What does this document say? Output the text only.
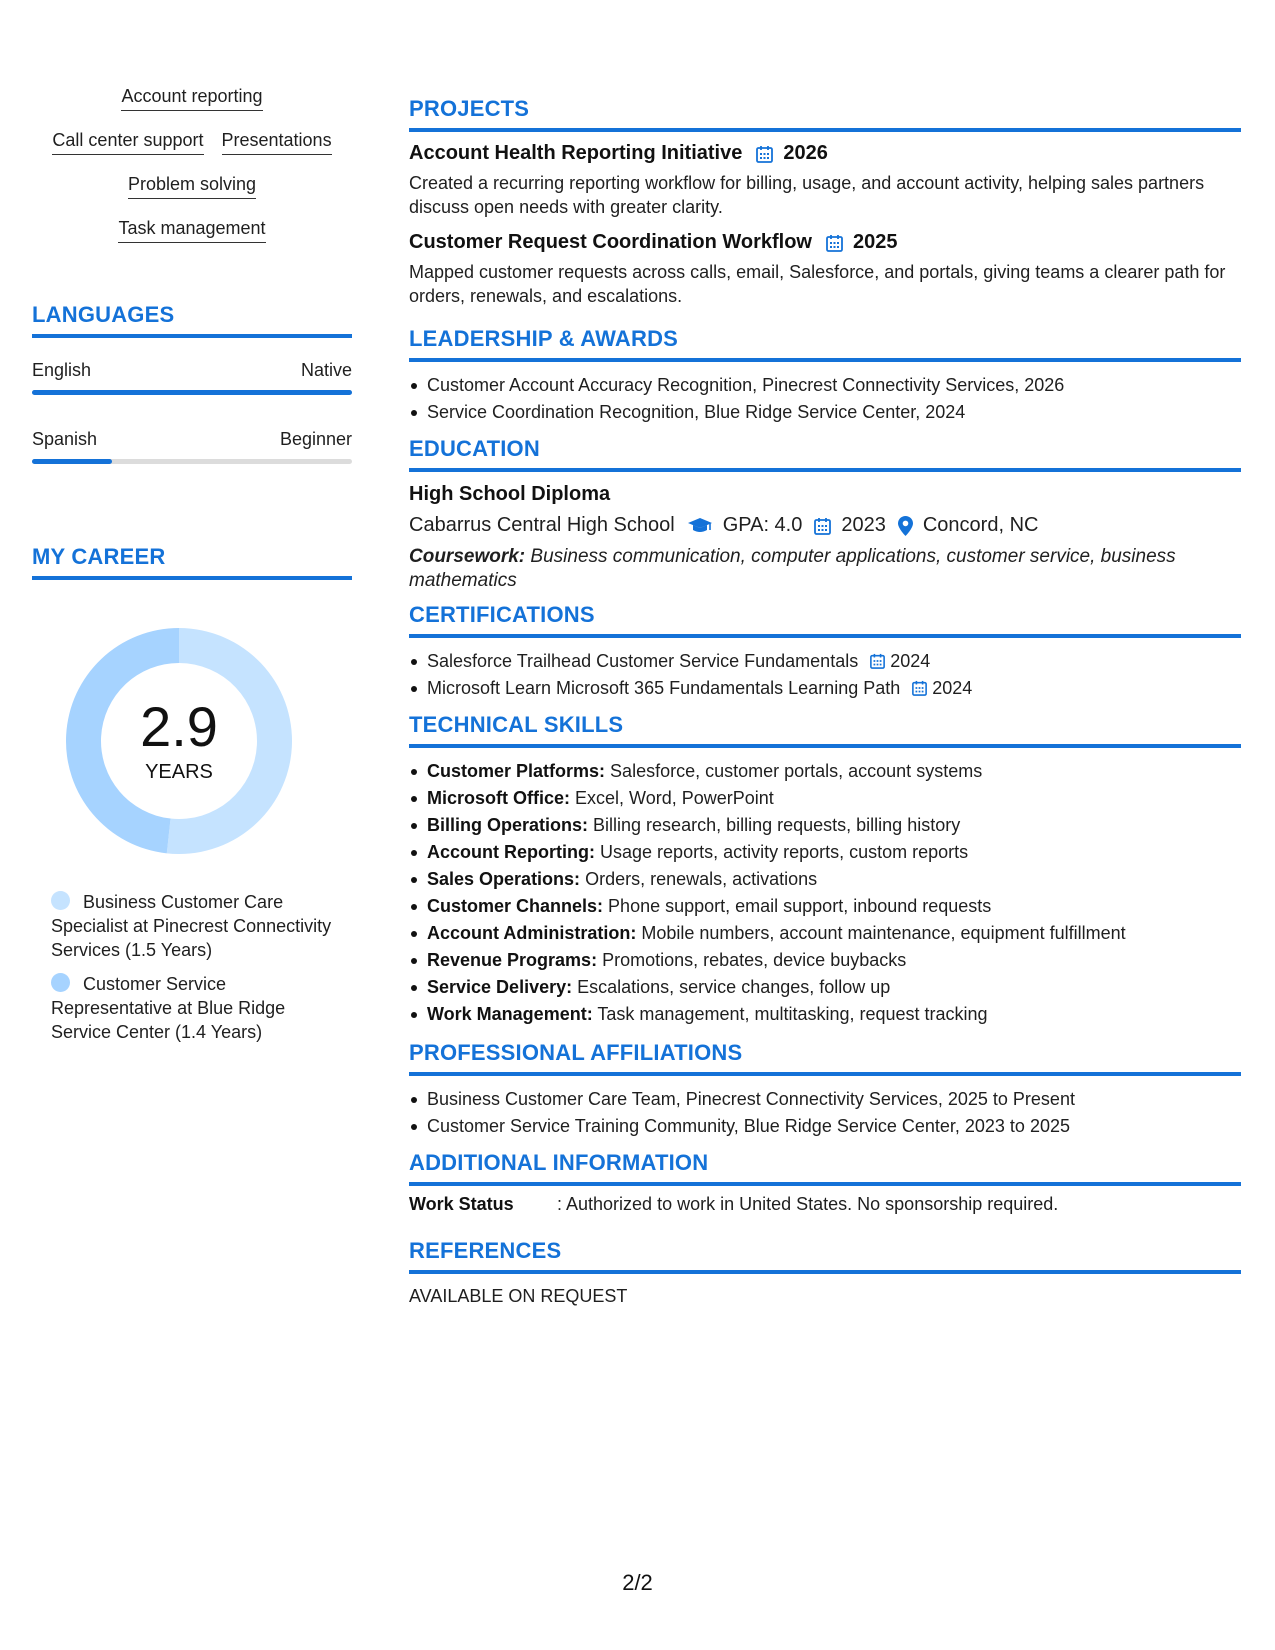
Account reporting
Call center support Presentations
Problem solving
Task management
LANGUAGES
English	Native
Spanish	Beginner
MY CAREER
2.9
YEARS
Business Customer Care Specialist at Pinecrest Connectivity Services (1.5 Years)
Customer Service Representative at Blue Ridge Service Center (1.4 Years)
PROJECTS
Account Health Reporting Initiative 2026
Created a recurring reporting workflow for billing, usage, and account activity, helping sales partners discuss open needs with greater clarity.
Customer Request Coordination Workflow 2025
Mapped customer requests across calls, email, Salesforce, and portals, giving teams a clearer path for orders, renewals, and escalations.
LEADERSHIP & AWARDS
Customer Account Accuracy Recognition, Pinecrest Connectivity Services, 2026
Service Coordination Recognition, Blue Ridge Service Center, 2024
EDUCATION
High School Diploma
Cabarrus Central High School GPA: 4.0 2023 Concord, NC
Coursework: Business communication, computer applications, customer service, business mathematics
CERTIFICATIONS
Salesforce Trailhead Customer Service Fundamentals 2024
Microsoft Learn Microsoft 365 Fundamentals Learning Path 2024
TECHNICAL SKILLS
Customer Platforms: Salesforce, customer portals, account systems
Microsoft Office: Excel, Word, PowerPoint
Billing Operations: Billing research, billing requests, billing history
Account Reporting: Usage reports, activity reports, custom reports
Sales Operations: Orders, renewals, activations
Customer Channels: Phone support, email support, inbound requests
Account Administration: Mobile numbers, account maintenance, equipment fulfillment
Revenue Programs: Promotions, rebates, device buybacks
Service Delivery: Escalations, service changes, follow up
Work Management: Task management, multitasking, request tracking
PROFESSIONAL AFFILIATIONS
Business Customer Care Team, Pinecrest Connectivity Services, 2025 to Present
Customer Service Training Community, Blue Ridge Service Center, 2023 to 2025
ADDITIONAL INFORMATION
Work Status	: Authorized to work in United States. No sponsorship required.
REFERENCES
AVAILABLE ON REQUEST
2/2
